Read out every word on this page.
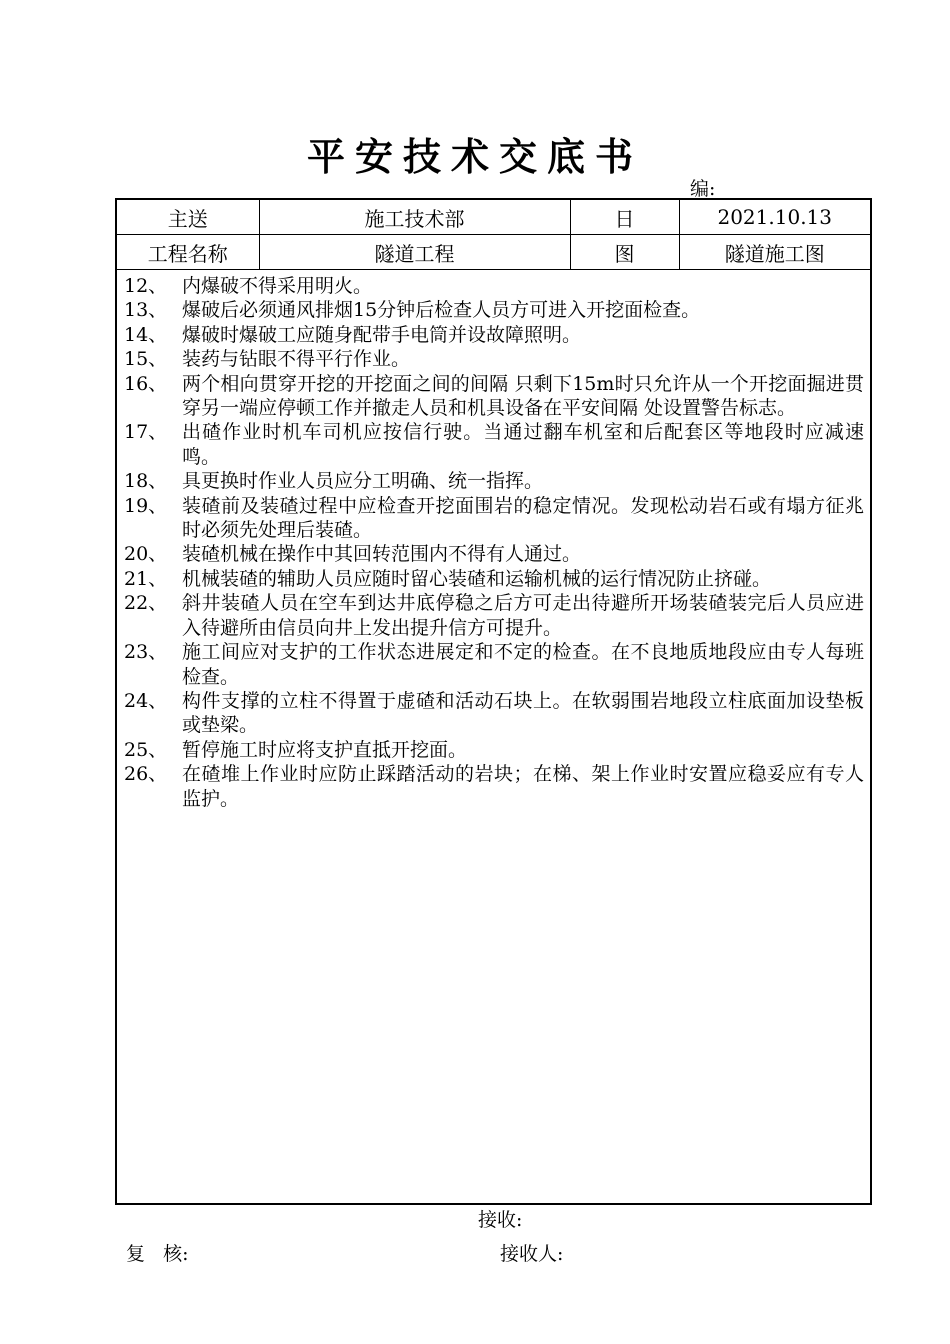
平安技术交底书
编:
主送	施工技术部	日	2021.10.13
工程名称	隧道工程	图	隧道施工图
12、 内爆破不得采用明火。
13、 爆破后必须通风排烟15分钟后检查人员方可进入开挖面检查。
14、 爆破时爆破工应随身配带手电筒并设故障照明。
15、 装药与钻眼不得平行作业。
16、 两个相向贯穿开挖的开挖面之间的间隔 只剩下15m时只允许从一个开挖面掘进贯穿另一端应停顿工作并撤走人员和机具设备在平安间隔 处设置警告标志。
17、 出碴作业时机车司机应按信行驶。当通过翻车机室和后配套区等地段时应减速鸣。
18、 具更换时作业人员应分工明确、统一指挥。
19、 装碴前及装碴过程中应检查开挖面围岩的稳定情况。发现松动岩石或有塌方征兆时必须先处理后装碴。
20、 装碴机械在操作中其回转范围内不得有人通过。
21、 机械装碴的辅助人员应随时留心装碴和运输机械的运行情况防止挤碰。
22、 斜井装碴人员在空车到达井底停稳之后方可走出待避所开场装碴装完后人员应进入待避所由信员向井上发出提升信方可提升。
23、 施工间应对支护的工作状态进展定和不定的检查。在不良地质地段应由专人每班检查。
24、 构件支撑的立柱不得置于虚碴和活动石块上。在软弱围岩地段立柱底面加设垫板或垫梁。
25、 暂停施工时应将支护直抵开挖面。
26、 在碴堆上作业时应防止踩踏活动的岩块；在梯、架上作业时安置应稳妥应有专人监护。
接收:
复   核:	接收人:
